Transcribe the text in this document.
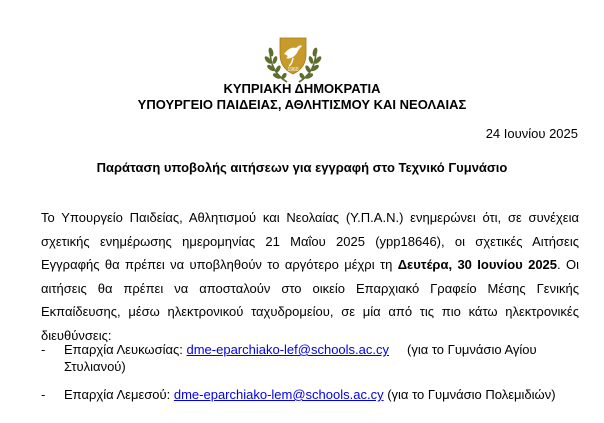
1960
ΚΥΠΡΙΑΚΗ ΔΗΜΟΚΡΑΤΙΑ
ΥΠΟΥΡΓΕΙΟ ΠΑΙΔΕΙΑΣ, ΑΘΛΗΤΙΣΜΟΥ ΚΑΙ ΝΕΟΛΑΙΑΣ
24 Ιουνίου 2025
Παράταση υποβολής αιτήσεων για εγγραφή στο Τεχνικό Γυμνάσιο

Το Υπουργείο Παιδείας, Αθλητισμού και Νεολαίας (Υ.Π.Α.Ν.) ενημερώνει ότι, σε συνέχεια σχετικής ενημέρωσης ημερομηνίας 21 Μαΐου 2025 (ypp18646), οι σχετικές Αιτήσεις Εγγραφής θα πρέπει να υποβληθούν το αργότερο μέχρι τη Δευτέρα, 30 Ιουνίου 2025. Οι αιτήσεις θα πρέπει να αποσταλούν στο οικείο Επαρχιακό Γραφείο Μέσης Γενικής Εκπαίδευσης, μέσω ηλεκτρονικού ταχυδρομείου, σε μία από τις πιο κάτω ηλεκτρονικές διευθύνσεις:

- Επαρχία Λευκωσίας: dme-eparchiako-lef@schools.ac.cy (για το Γυμνάσιο Αγίου Στυλιανού)
- Επαρχία Λεμεσού: dme-eparchiako-lem@schools.ac.cy (για το Γυμνάσιο Πολεμιδιών)
